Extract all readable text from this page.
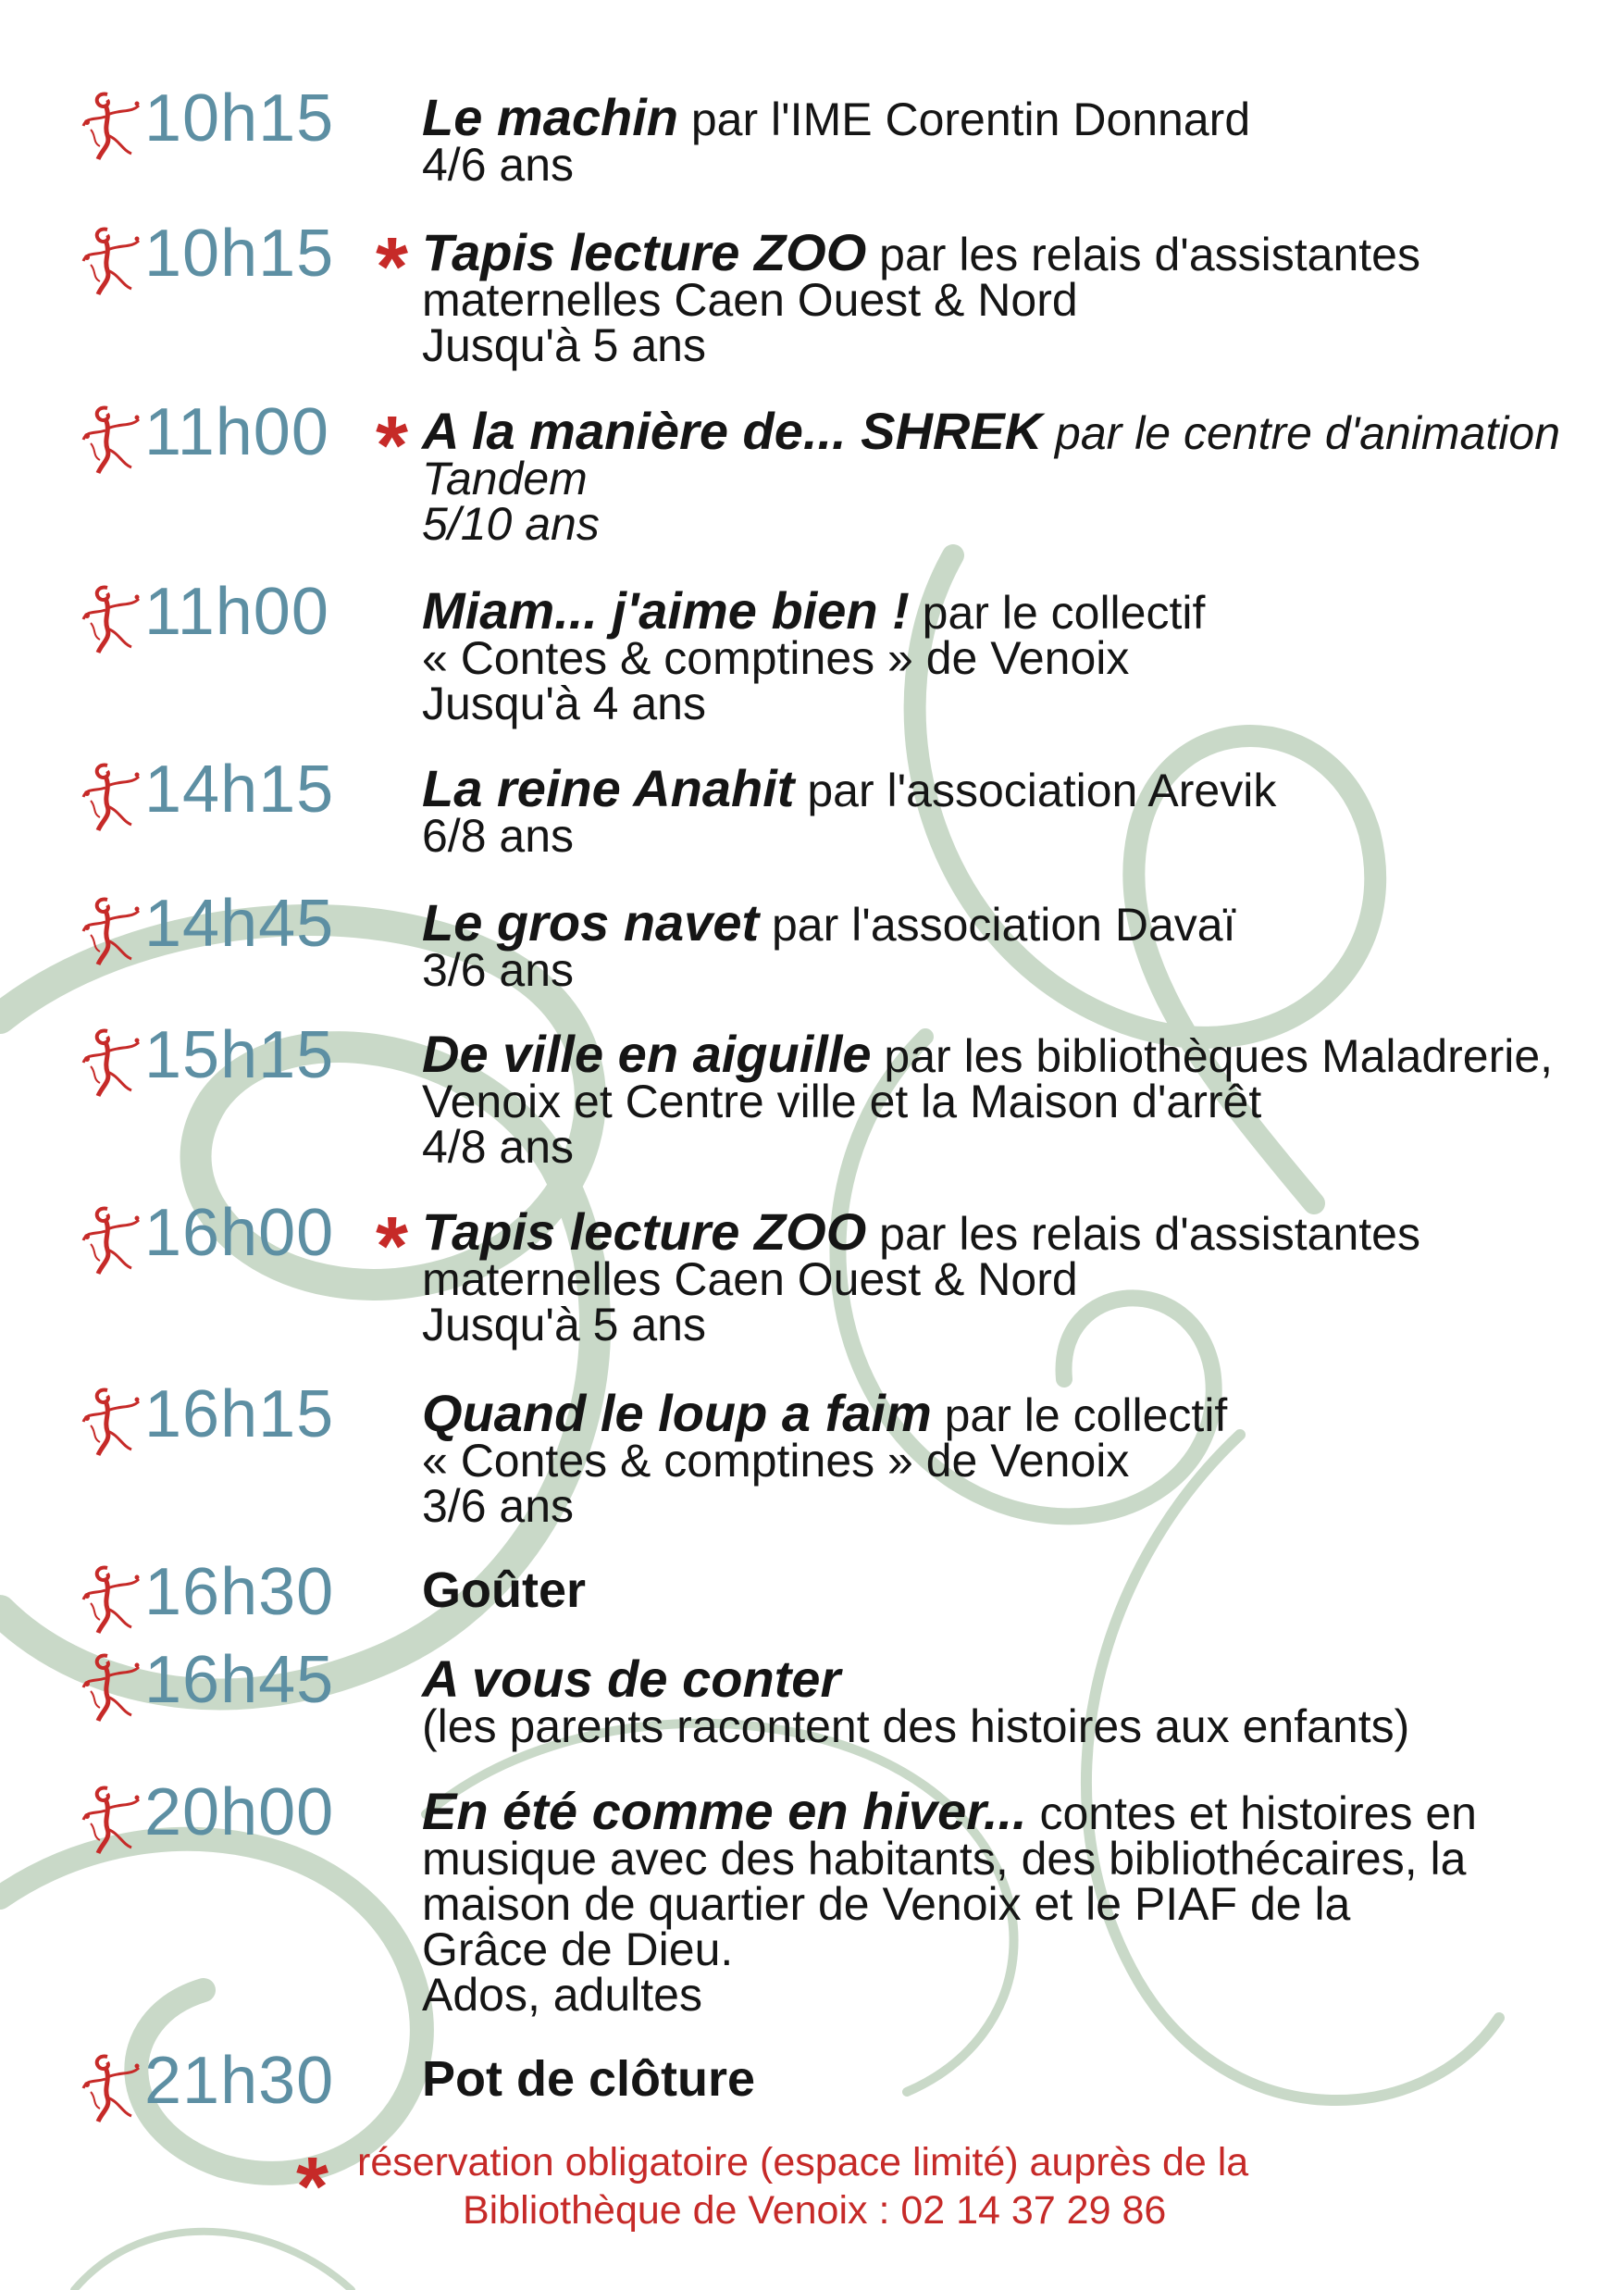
10h15 Le machin par l'IME Corentin Donnard
4/6 ans
10h15 * Tapis lecture ZOO par les relais d'assistantes
maternelles Caen Ouest & Nord
Jusqu'à 5 ans
11h00 * A la manière de... SHREK par le centre d'animation
Tandem
5/10 ans
11h00 Miam... j'aime bien ! par le collectif
« Contes & comptines » de Venoix
Jusqu'à 4 ans
14h15 La reine Anahit par l'association Arevik
6/8 ans
14h45 Le gros navet par l'association Davaï
3/6 ans
15h15 De ville en aiguille par les bibliothèques Maladrerie,
Venoix et Centre ville et la Maison d'arrêt
4/8 ans
16h00 * Tapis lecture ZOO par les relais d'assistantes
maternelles Caen Ouest & Nord
Jusqu'à 5 ans
16h15 Quand le loup a faim par le collectif
« Contes & comptines » de Venoix
3/6 ans
16h30 Goûter
16h45 A vous de conter
(les parents racontent des histoires aux enfants)
20h00 En été comme en hiver... contes et histoires en
musique avec des habitants, des bibliothécaires, la
maison de quartier de Venoix et le PIAF de la
Grâce de Dieu.
Ados, adultes
21h30 Pot de clôture
* réservation obligatoire (espace limité) auprès de la
Bibliothèque de Venoix : 02 14 37 29 86
